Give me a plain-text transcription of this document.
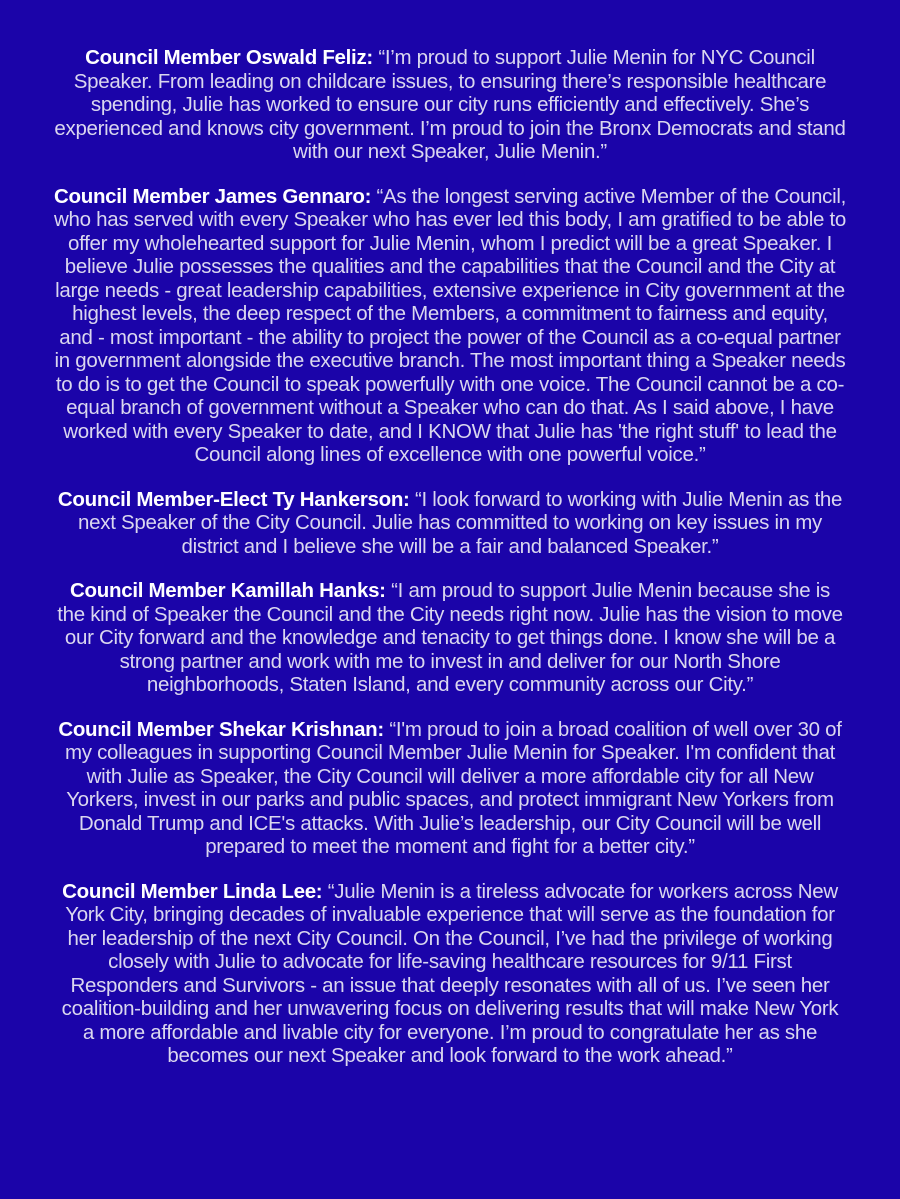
Council Member Oswald Feliz: “I’m proud to support Julie Menin for NYC Council Speaker. From leading on childcare issues, to ensuring there’s responsible healthcare spending, Julie has worked to ensure our city runs efficiently and effectively. She’s experienced and knows city government. I’m proud to join the Bronx Democrats and stand with our next Speaker, Julie Menin.”

Council Member James Gennaro: “As the longest serving active Member of the Council, who has served with every Speaker who has ever led this body, I am gratified to be able to offer my wholehearted support for Julie Menin, whom I predict will be a great Speaker. I believe Julie possesses the qualities and the capabilities that the Council and the City at large needs - great leadership capabilities, extensive experience in City government at the highest levels, the deep respect of the Members, a commitment to fairness and equity, and - most important - the ability to project the power of the Council as a co-equal partner in government alongside the executive branch. The most important thing a Speaker needs to do is to get the Council to speak powerfully with one voice. The Council cannot be a co-equal branch of government without a Speaker who can do that. As I said above, I have worked with every Speaker to date, and I KNOW that Julie has 'the right stuff' to lead the Council along lines of excellence with one powerful voice.”

Council Member-Elect Ty Hankerson: “I look forward to working with Julie Menin as the next Speaker of the City Council. Julie has committed to working on key issues in my district and I believe she will be a fair and balanced Speaker.”

Council Member Kamillah Hanks: “I am proud to support Julie Menin because she is the kind of Speaker the Council and the City needs right now. Julie has the vision to move our City forward and the knowledge and tenacity to get things done. I know she will be a strong partner and work with me to invest in and deliver for our North Shore neighborhoods, Staten Island, and every community across our City.”

Council Member Shekar Krishnan: “I'm proud to join a broad coalition of well over 30 of my colleagues in supporting Council Member Julie Menin for Speaker. I'm confident that with Julie as Speaker, the City Council will deliver a more affordable city for all New Yorkers, invest in our parks and public spaces, and protect immigrant New Yorkers from Donald Trump and ICE's attacks. With Julie’s leadership, our City Council will be well prepared to meet the moment and fight for a better city.”

Council Member Linda Lee: “Julie Menin is a tireless advocate for workers across New York City, bringing decades of invaluable experience that will serve as the foundation for her leadership of the next City Council. On the Council, I’ve had the privilege of working closely with Julie to advocate for life-saving healthcare resources for 9/11 First Responders and Survivors - an issue that deeply resonates with all of us. I’ve seen her coalition-building and her unwavering focus on delivering results that will make New York a more affordable and livable city for everyone. I’m proud to congratulate her as she becomes our next Speaker and look forward to the work ahead.”
